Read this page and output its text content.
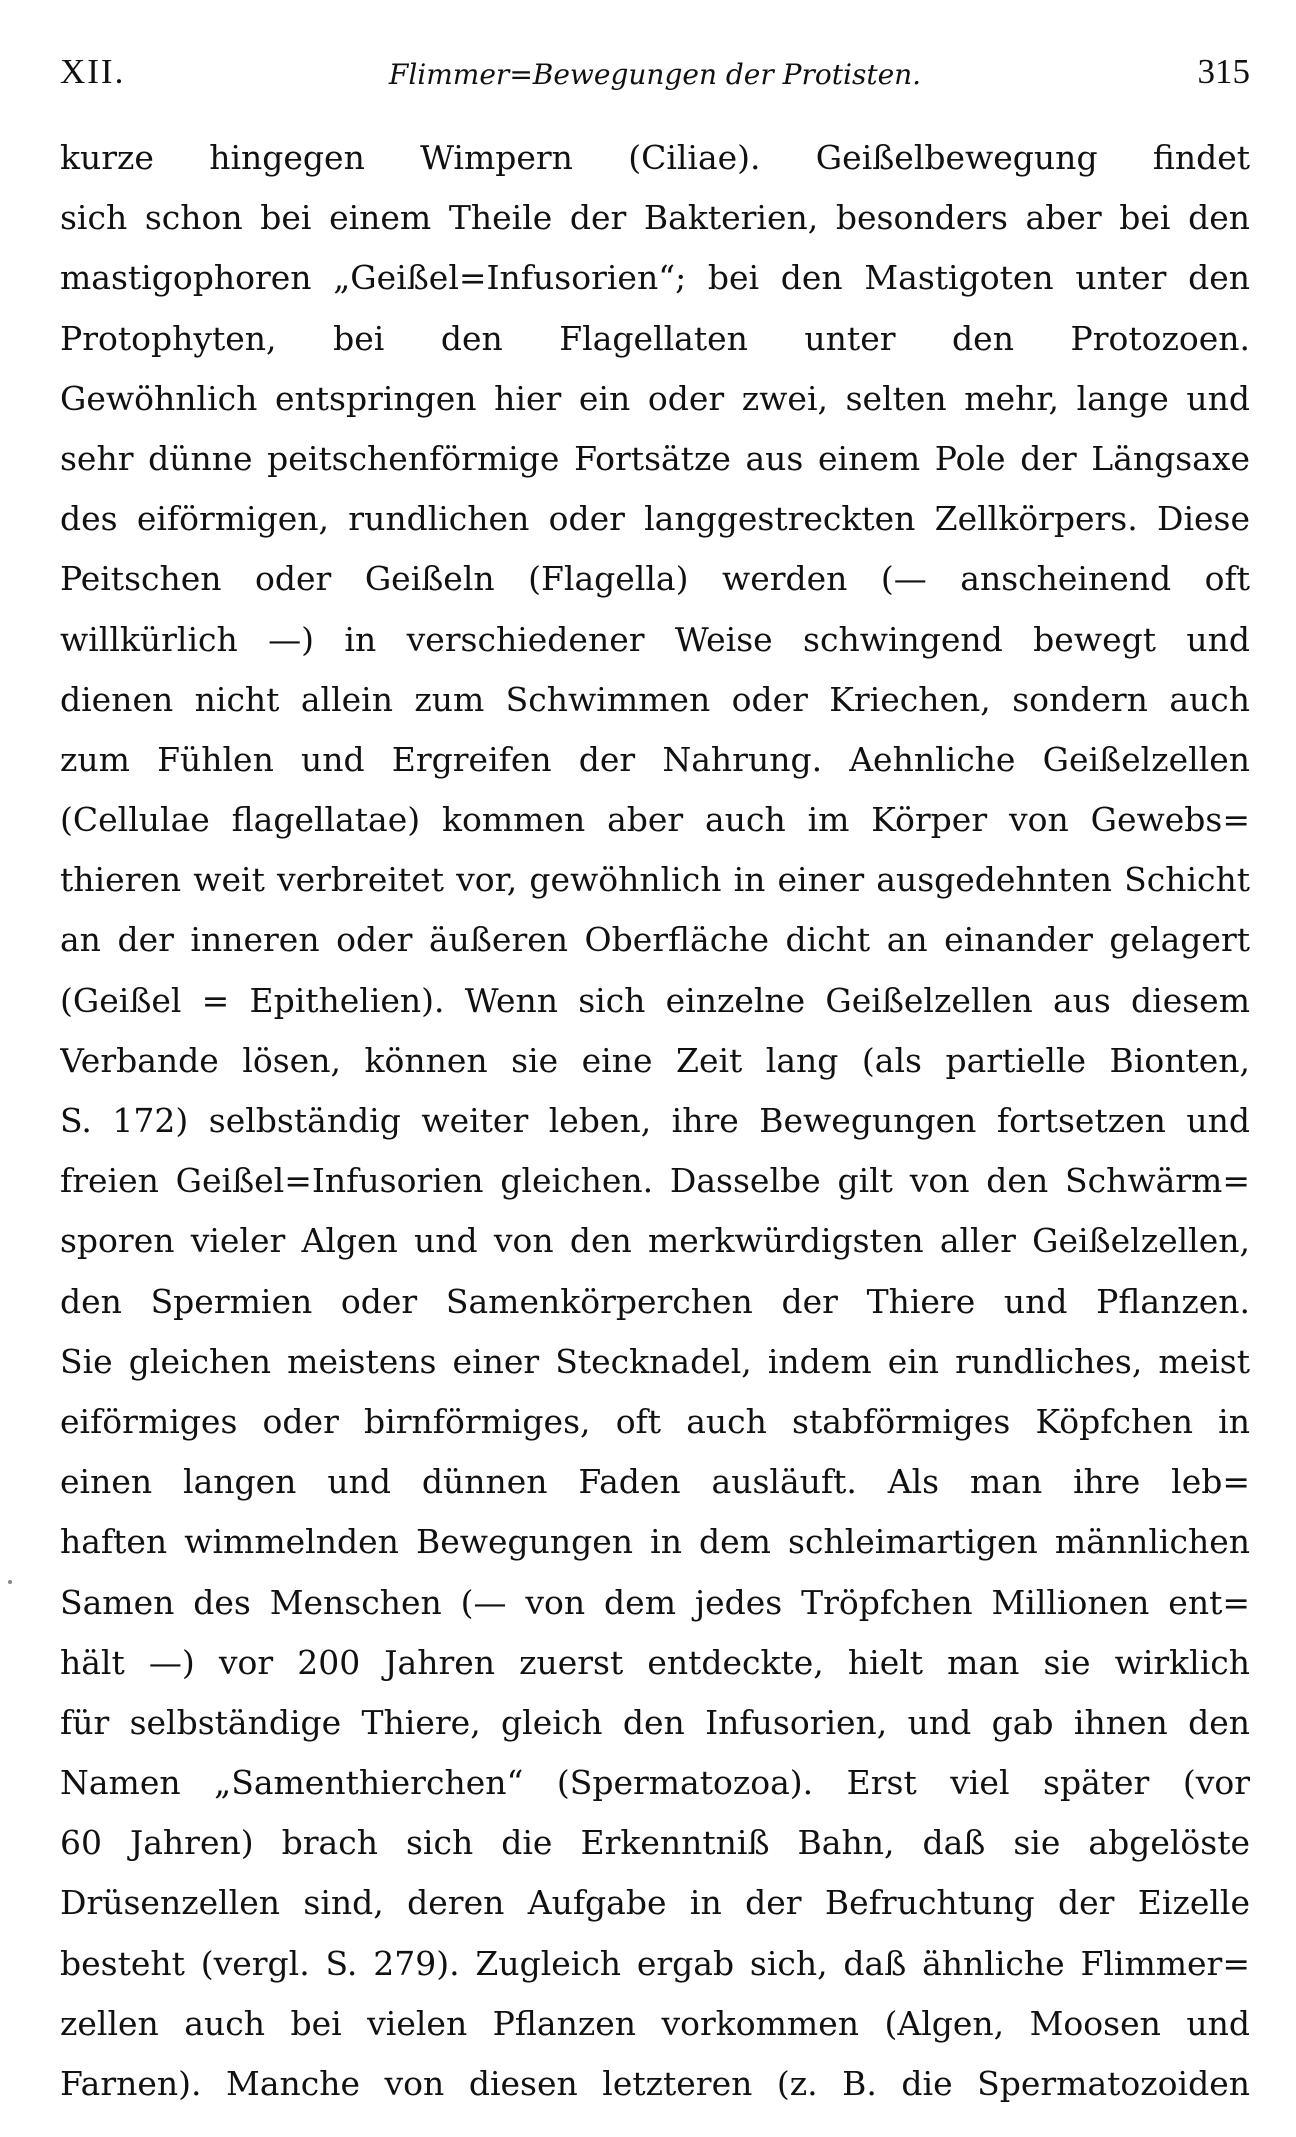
XII.	Flimmer=Bewegungen der Protisten.	315
kurze hingegen Wimpern (Ciliae). Geißelbewegung findet
sich schon bei einem Theile der Bakterien, besonders aber bei den
mastigophoren „Geißel=Infusorien“; bei den Mastigoten unter den
Protophyten, bei den Flagellaten unter den Protozoen.
Gewöhnlich entspringen hier ein oder zwei, selten mehr, lange und
sehr dünne peitschenförmige Fortsätze aus einem Pole der Längsaxe
des eiförmigen, rundlichen oder langgestreckten Zellkörpers. Diese
Peitschen oder Geißeln (Flagella) werden (— anscheinend oft
willkürlich —) in verschiedener Weise schwingend bewegt und
dienen nicht allein zum Schwimmen oder Kriechen, sondern auch
zum Fühlen und Ergreifen der Nahrung. Aehnliche Geißelzellen
(Cellulae flagellatae) kommen aber auch im Körper von Gewebs=
thieren weit verbreitet vor, gewöhnlich in einer ausgedehnten Schicht
an der inneren oder äußeren Oberfläche dicht an einander gelagert
(Geißel = Epithelien). Wenn sich einzelne Geißelzellen aus diesem
Verbande lösen, können sie eine Zeit lang (als partielle Bionten,
S. 172) selbständig weiter leben, ihre Bewegungen fortsetzen und
freien Geißel=Infusorien gleichen. Dasselbe gilt von den Schwärm=
sporen vieler Algen und von den merkwürdigsten aller Geißelzellen,
den Spermien oder Samenkörperchen der Thiere und Pflanzen.
Sie gleichen meistens einer Stecknadel, indem ein rundliches, meist
eiförmiges oder birnförmiges, oft auch stabförmiges Köpfchen in
einen langen und dünnen Faden ausläuft. Als man ihre leb=
haften wimmelnden Bewegungen in dem schleimartigen männlichen
Samen des Menschen (— von dem jedes Tröpfchen Millionen ent=
hält —) vor 200 Jahren zuerst entdeckte, hielt man sie wirklich
für selbständige Thiere, gleich den Infusorien, und gab ihnen den
Namen „Samenthierchen“ (Spermatozoa). Erst viel später (vor
60 Jahren) brach sich die Erkenntniß Bahn, daß sie abgelöste
Drüsenzellen sind, deren Aufgabe in der Befruchtung der Eizelle
besteht (vergl. S. 279). Zugleich ergab sich, daß ähnliche Flimmer=
zellen auch bei vielen Pflanzen vorkommen (Algen, Moosen und
Farnen). Manche von diesen letzteren (z. B. die Spermatozoiden
